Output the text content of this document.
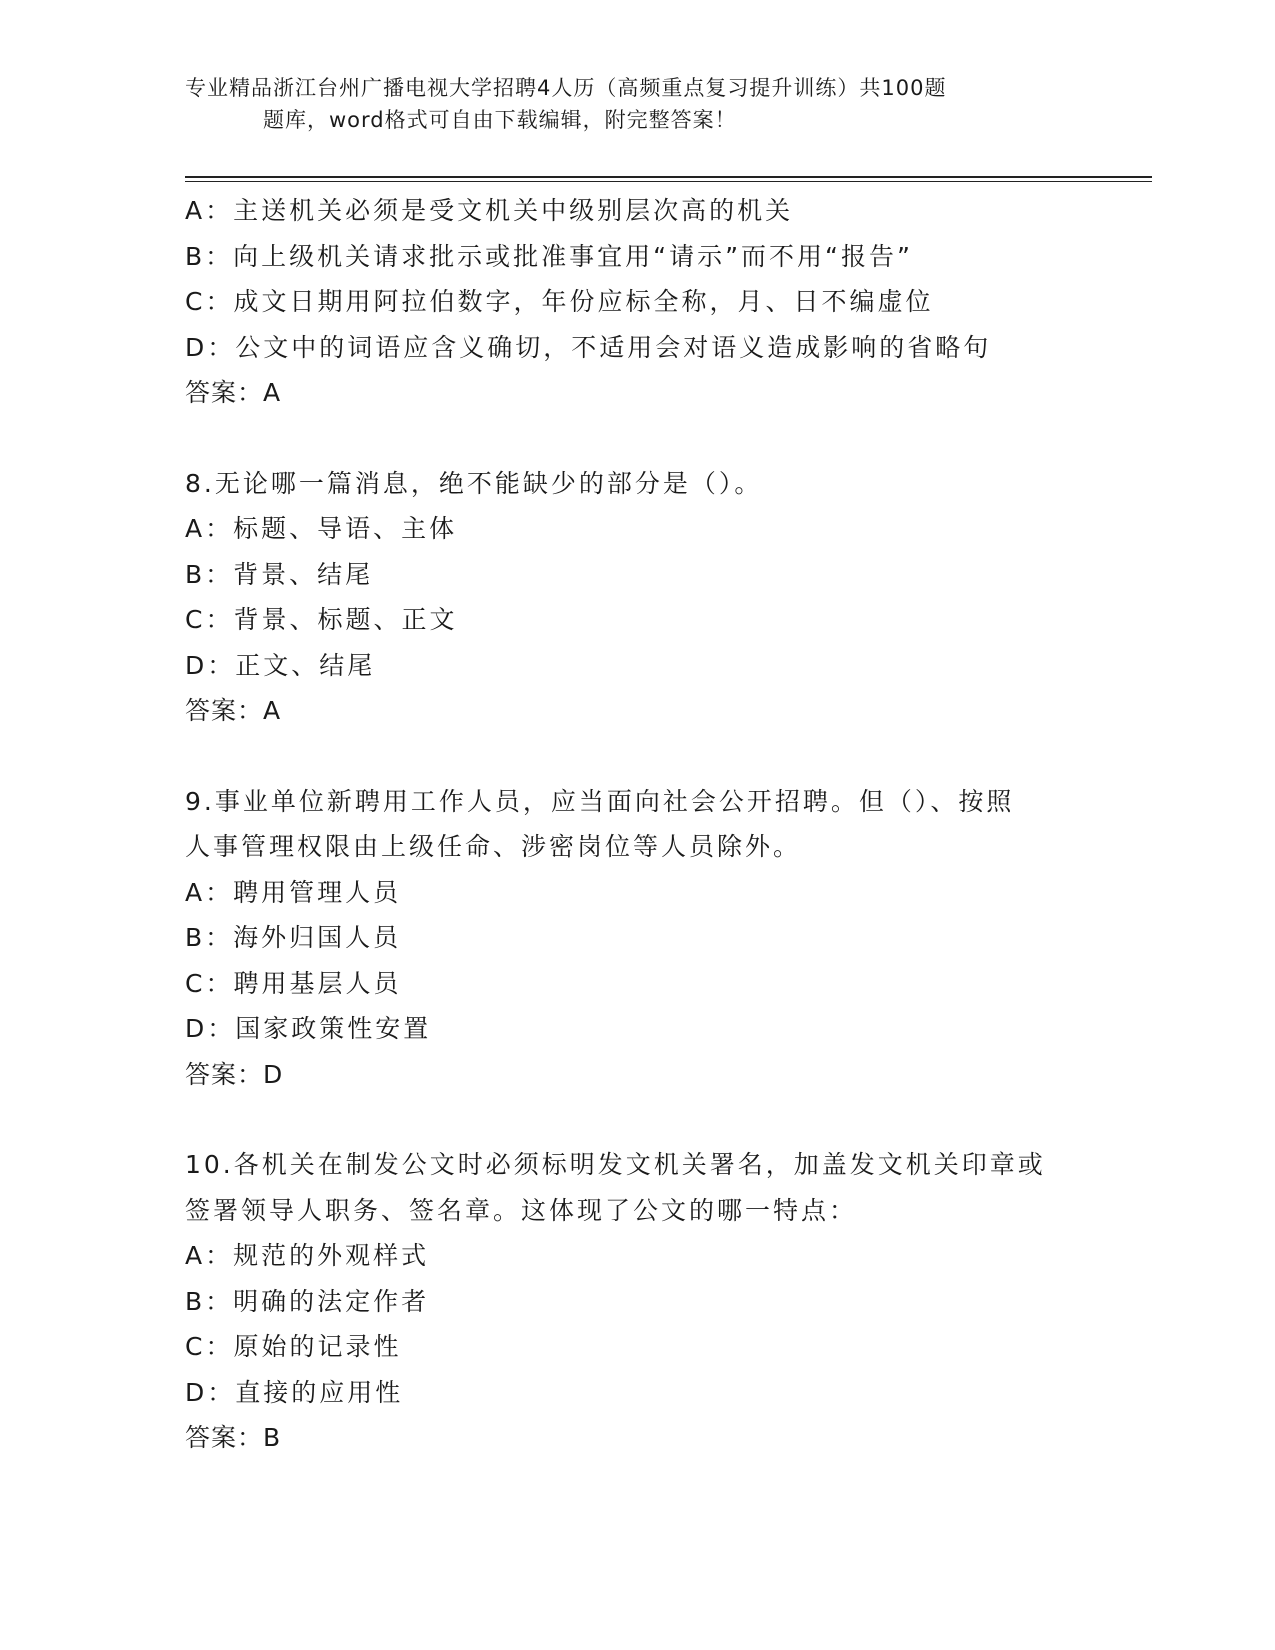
专业精品浙江台州广播电视大学招聘4人历（高频重点复习提升训练）共100题
题库，word格式可自由下载编辑，附完整答案！
A：主送机关必须是受文机关中级别层次高的机关
B：向上级机关请求批示或批准事宜用“请示”而不用“报告”
C：成文日期用阿拉伯数字，年份应标全称，月、日不编虚位
D：公文中的词语应含义确切，不适用会对语义造成影响的省略句
答案：A
8.无论哪一篇消息，绝不能缺少的部分是（）。
A：标题、导语、主体
B：背景、结尾
C：背景、标题、正文
D：正文、结尾
答案：A
9.事业单位新聘用工作人员，应当面向社会公开招聘。但（）、按照
人事管理权限由上级任命、涉密岗位等人员除外。
A：聘用管理人员
B：海外归国人员
C：聘用基层人员
D：国家政策性安置
答案：D
10.各机关在制发公文时必须标明发文机关署名，加盖发文机关印章或
签署领导人职务、签名章。这体现了公文的哪一特点：
A：规范的外观样式
B：明确的法定作者
C：原始的记录性
D：直接的应用性
答案：B
